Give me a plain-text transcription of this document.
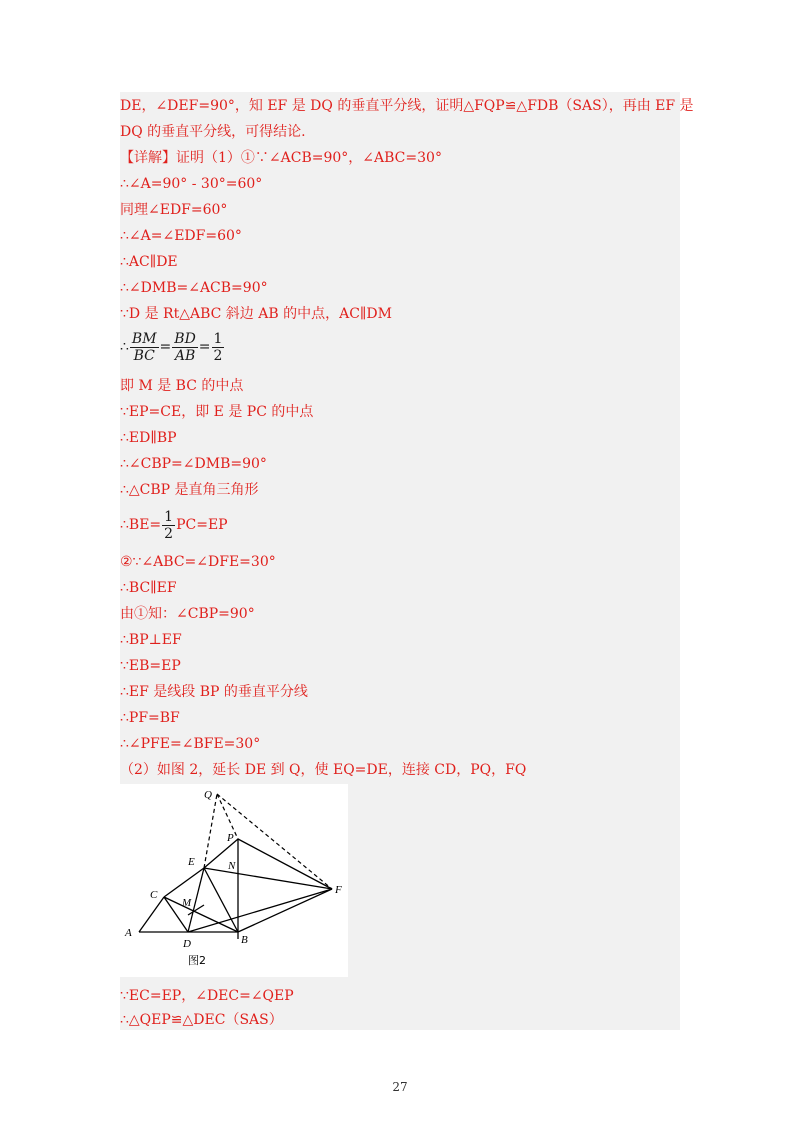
DE，∠DEF=90°，知 EF 是 DQ 的垂直平分线，证明△FQP≌△FDB（SAS），再由 EF 是
DQ 的垂直平分线，可得结论.
【详解】证明（1）①∵∠ACB=90°，∠ABC=30°
∴∠A=90° - 30°=60°
同理∠EDF=60°
∴∠A=∠EDF=60°
∴AC∥DE
∴∠DMB=∠ACB=90°
∵D 是 Rt△ABC 斜边 AB 的中点，AC∥DM
∴ $\frac{BM}{BC} = \frac{BD}{AB} = \frac{1}{2}$
即 M 是 BC 的中点
∵EP=CE，即 E 是 PC 的中点
∴ED∥BP
∴∠CBP=∠DMB=90°
∴△CBP 是直角三角形
∴BE= $\frac{1}{2} PC=EP$
②∵∠ABC=∠DFE=30°
∴BC∥EF
由①知：∠CBP=90°
∴BP⊥EF
∵EB=EP
∴EF 是线段 BP 的垂直平分线
∴PF=BF
∴∠PFE=∠BFE=30°
（2）如图 2，延长 DE 到 Q，使 EQ=DE，连接 CD，PQ，FQ
Q
P
E	N
C
M
F
A
D	B
图2
∵EC=EP，∠DEC=∠QEP
∴△QEP≌△DEC（SAS）
27
